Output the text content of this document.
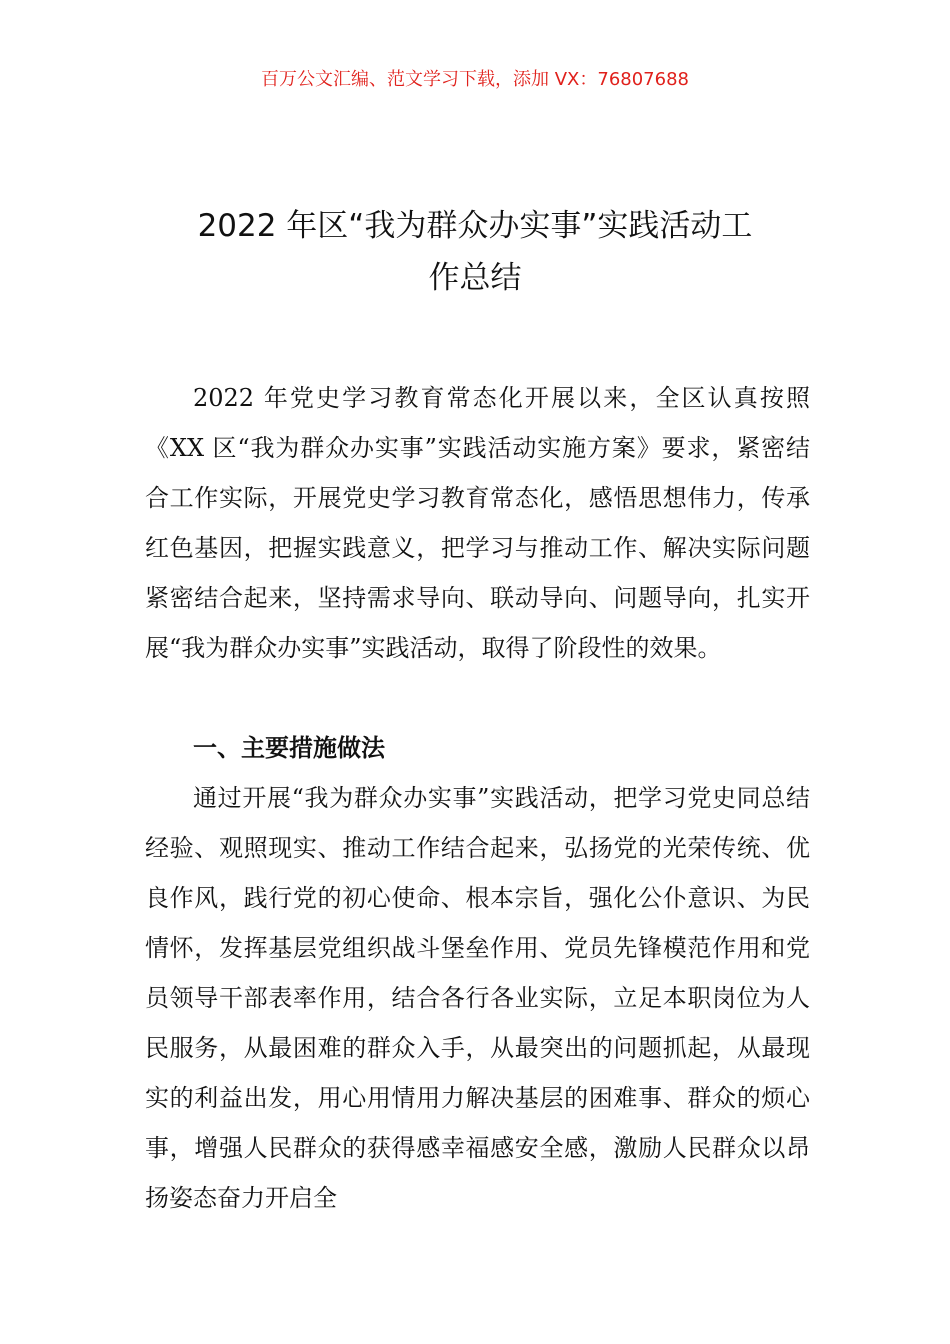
百万公文汇编、范文学习下载，添加 VX：76807688
2022 年区“我为群众办实事”实践活动工
作总结

2022 年党史学习教育常态化开展以来，全区认真按照《XX 区“我为群众办实事”实践活动实施方案》要求，紧密结合工作实际，开展党史学习教育常态化，感悟思想伟力，传承红色基因，把握实践意义，把学习与推动工作、解决实际问题紧密结合起来，坚持需求导向、联动导向、问题导向，扎实开展“我为群众办实事”实践活动，取得了阶段性的效果。

一、主要措施做法

通过开展“我为群众办实事”实践活动，把学习党史同总结经验、观照现实、推动工作结合起来，弘扬党的光荣传统、优良作风，践行党的初心使命、根本宗旨，强化公仆意识、为民情怀，发挥基层党组织战斗堡垒作用、党员先锋模范作用和党员领导干部表率作用，结合各行各业实际，立足本职岗位为人民服务，从最困难的群众入手，从最突出的问题抓起，从最现实的利益出发，用心用情用力解决基层的困难事、群众的烦心事，增强人民群众的获得感幸福感安全感，激励人民群众以昂扬姿态奋力开启全
